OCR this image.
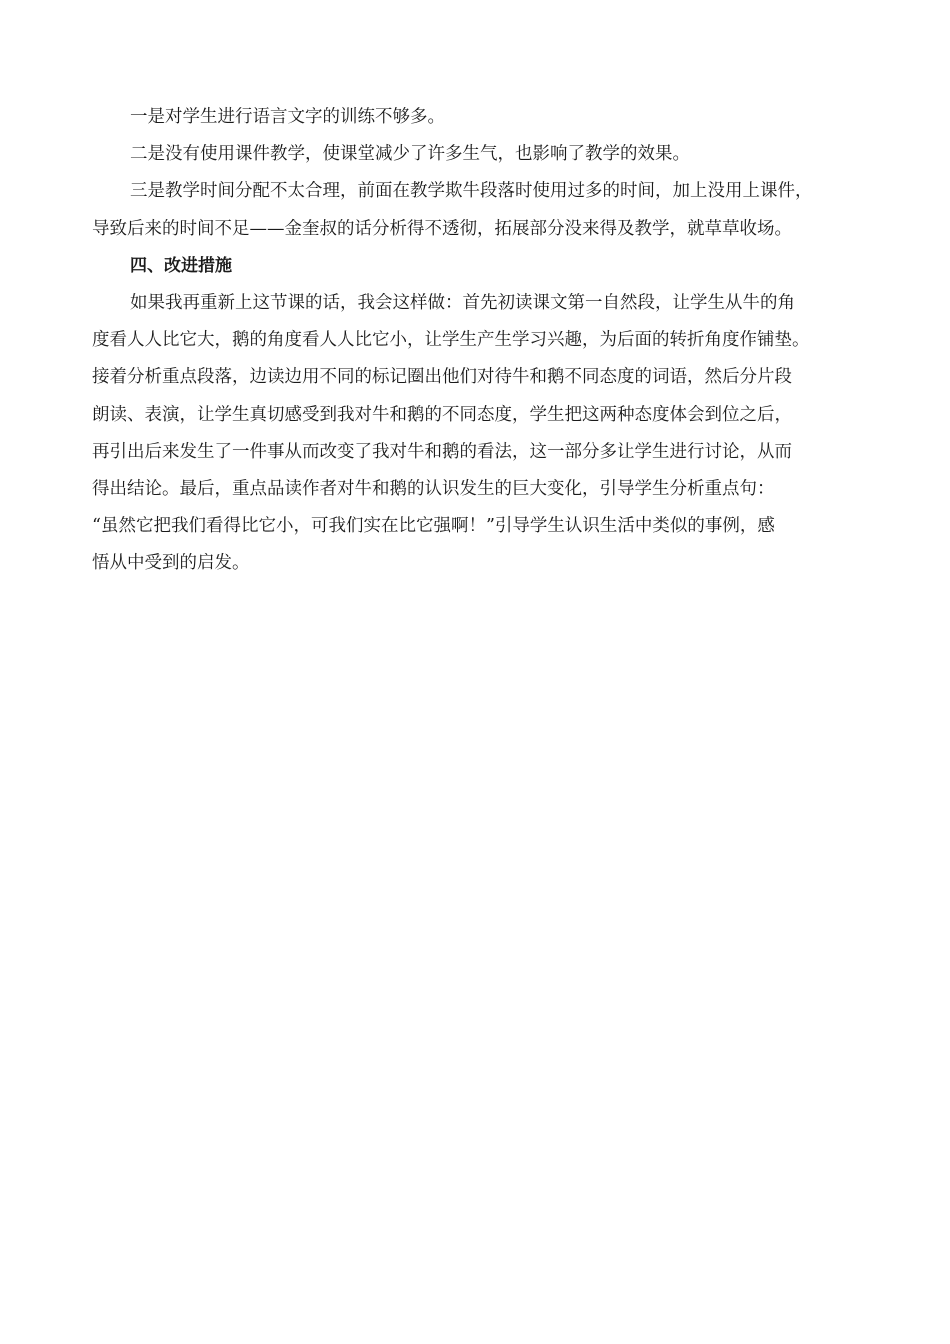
一是对学生进行语言文字的训练不够多。
二是没有使用课件教学，使课堂减少了许多生气，也影响了教学的效果。
三是教学时间分配不太合理，前面在教学欺牛段落时使用过多的时间，加上没用上课件，
导致后来的时间不足——金奎叔的话分析得不透彻，拓展部分没来得及教学，就草草收场。
四、改进措施
如果我再重新上这节课的话，我会这样做：首先初读课文第一自然段，让学生从牛的角
度看人人比它大，鹅的角度看人人比它小，让学生产生学习兴趣，为后面的转折角度作铺垫。
接着分析重点段落，边读边用不同的标记圈出他们对待牛和鹅不同态度的词语，然后分片段
朗读、表演，让学生真切感受到我对牛和鹅的不同态度，学生把这两种态度体会到位之后，
再引出后来发生了一件事从而改变了我对牛和鹅的看法，这一部分多让学生进行讨论，从而
得出结论。最后，重点品读作者对牛和鹅的认识发生的巨大变化，引导学生分析重点句：
“虽然它把我们看得比它小，可我们实在比它强啊！”引导学生认识生活中类似的事例，感
悟从中受到的启发。
